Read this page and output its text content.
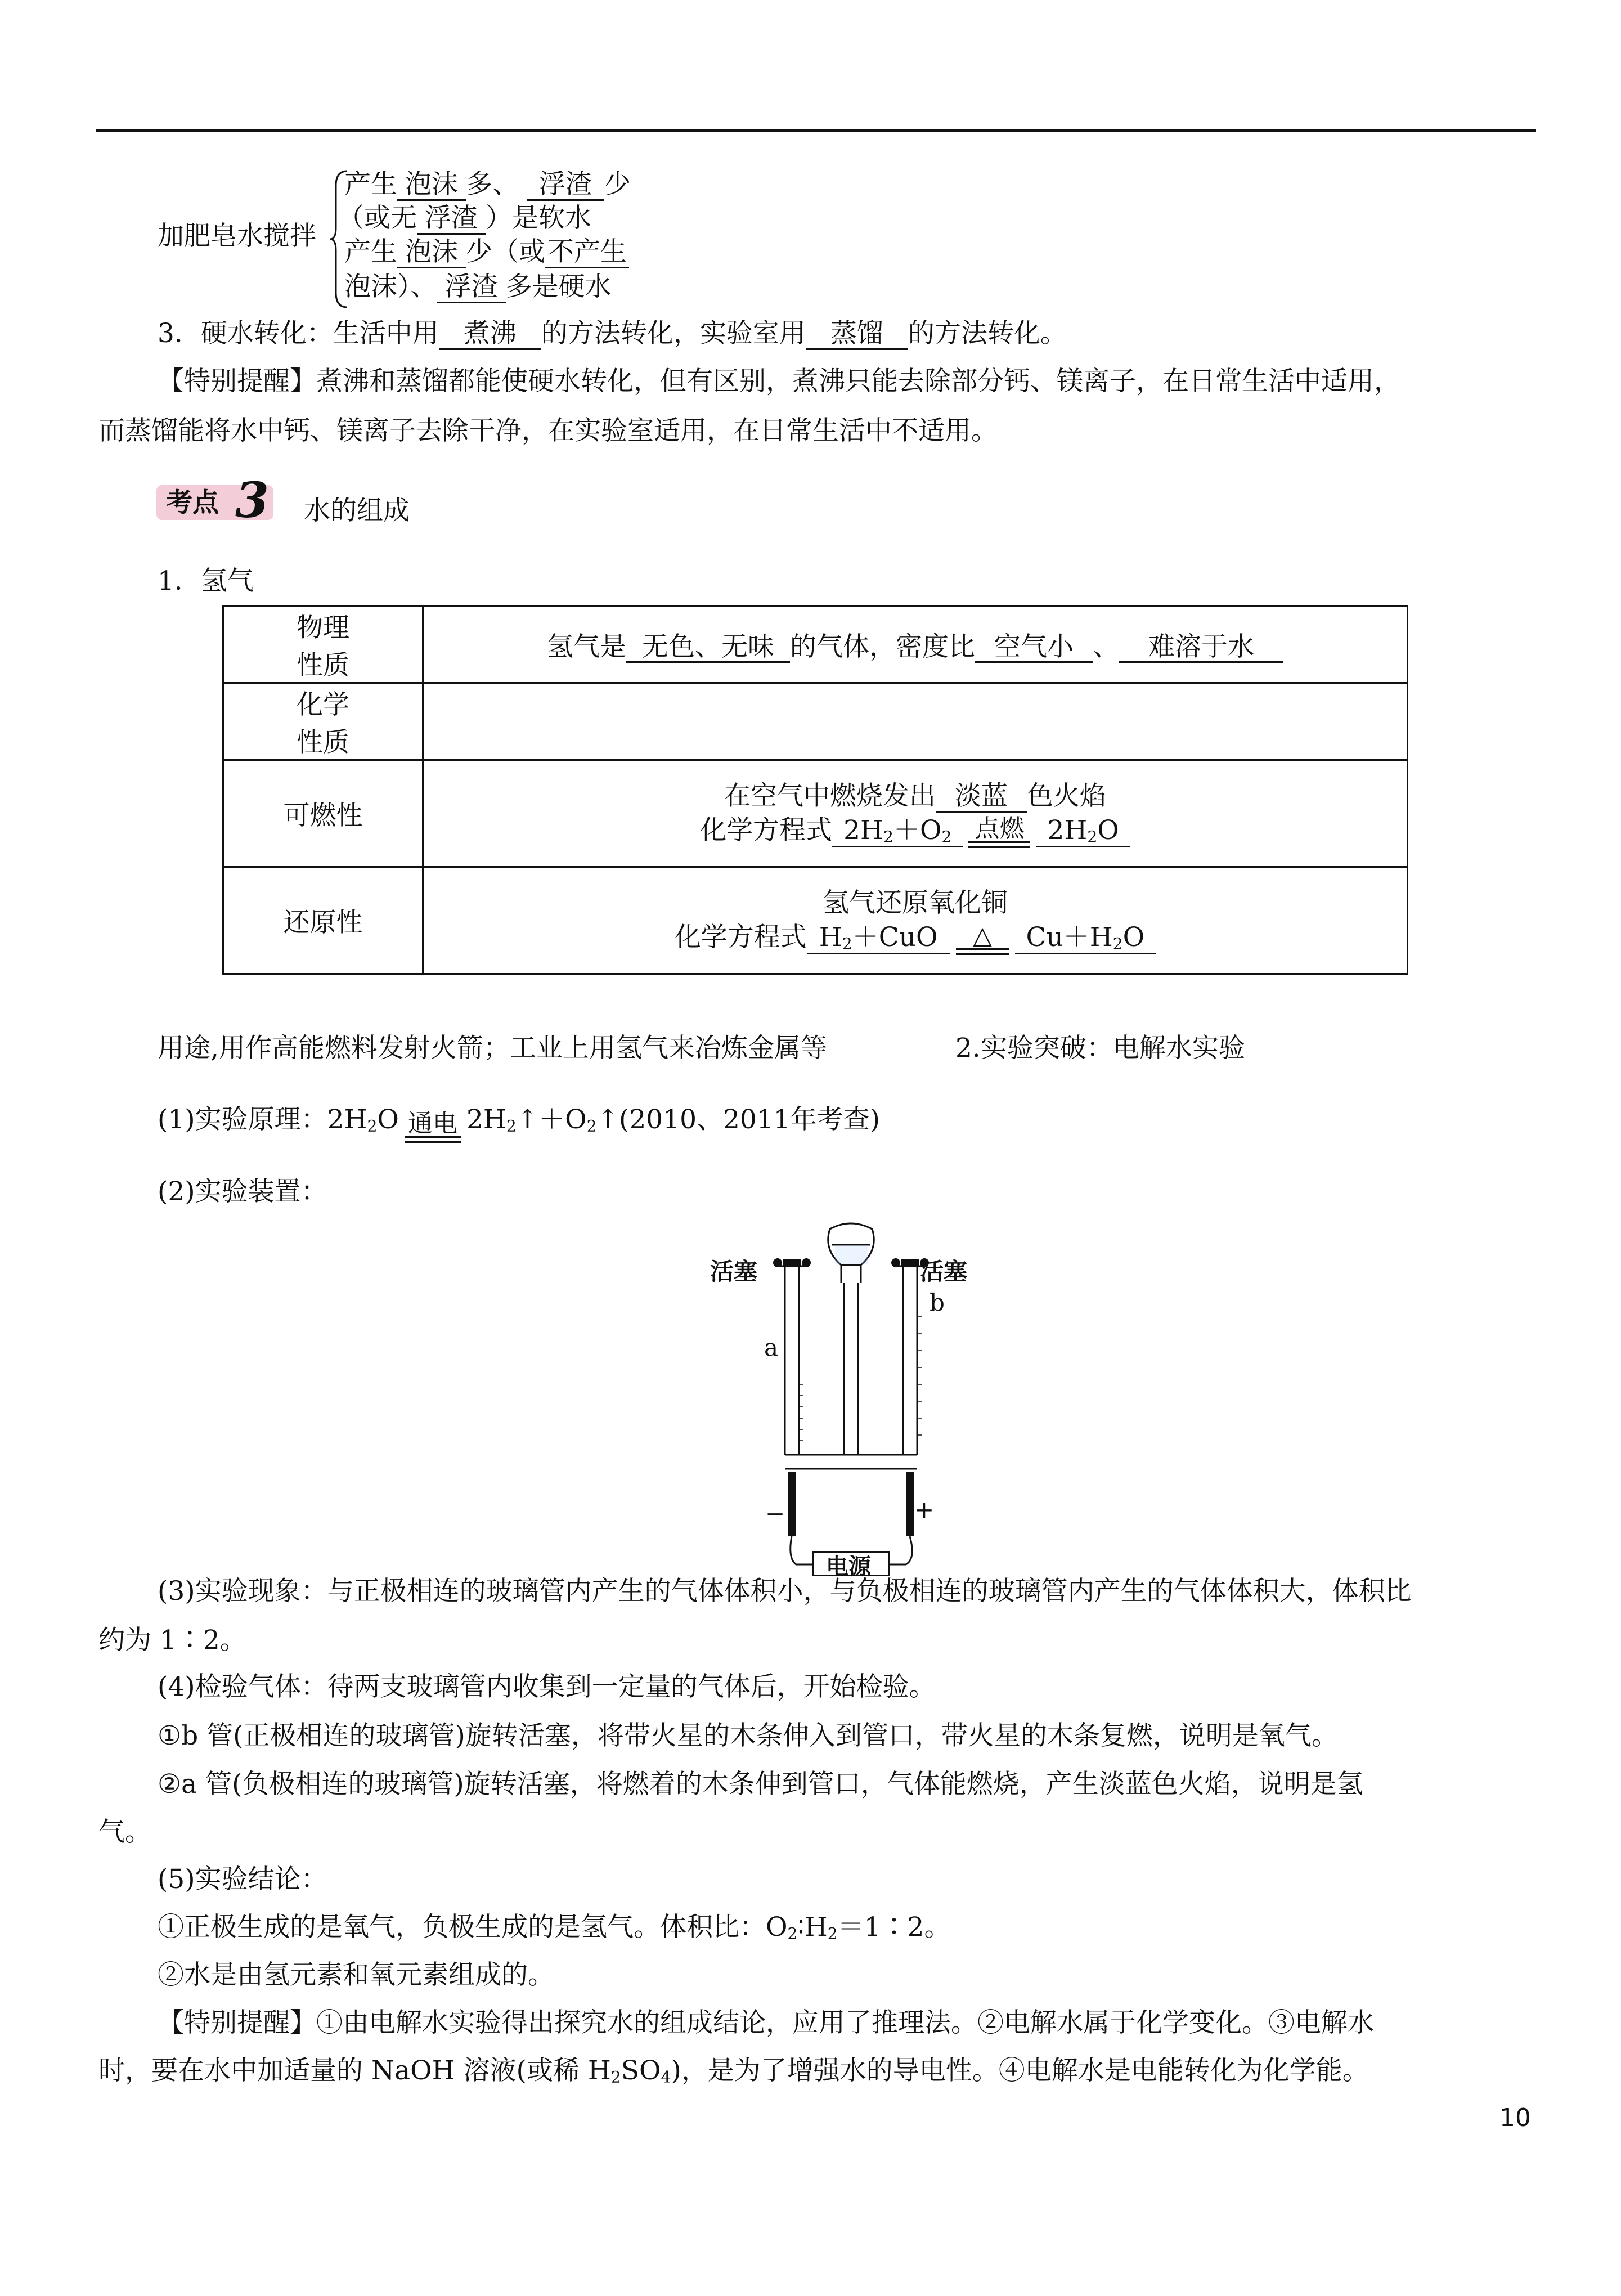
加肥皂水搅拌
产生 泡沫 多、 浮渣 少
（或无 浮渣 ）是软水
产生 泡沫 少（或不产生
泡沫）、 浮渣 多是硬水
3．硬水转化：生活中用 煮沸 的方法转化，实验室用 蒸馏 的方法转化。
【特别提醒】煮沸和蒸馏都能使硬水转化，但有区别，煮沸只能去除部分钙、镁离子，在日常生活中适用，
而蒸馏能将水中钙、镁离子去除干净，在实验室适用，在日常生活中不适用。
考点 3 水的组成
1．氢气
物理
性质	氢气是 无色、无味 的气体，密度比 空气小 、 难溶于水

化学
性质	

可燃性	在空气中燃烧发出 淡蓝 色火焰
化学方程式 $2H_2+O_2$ 点燃 $2H_2O$

还原性	氢气还原氧化铜
化学方程式 $H_2+CuO$ △ $Cu+H_2O$
用途,用作高能燃料发射火箭；工业上用氢气来冶炼金属等	2.实验突破：电解水实验
(1)实验原理：$2H_2O$ 通电 $2H_2↑+O_2↑(2010$、2011年考查)
(2)实验装置：
活塞	活塞
a
b
−	+
电源
(3)实验现象：与正极相连的玻璃管内产生的气体体积小，与负极相连的玻璃管内产生的气体体积大，体积比
约为 1∶2。
(4)检验气体：待两支玻璃管内收集到一定量的气体后，开始检验。
①b 管(正极相连的玻璃管)旋转活塞，将带火星的木条伸入到管口，带火星的木条复燃，说明是氧气。
②a 管(负极相连的玻璃管)旋转活塞，将燃着的木条伸到管口，气体能燃烧，产生淡蓝色火焰，说明是氢
气。
(5)实验结论：
①正极生成的是氧气，负极生成的是氢气。体积比：$O_2∶H_2=1∶2$。
②水是由氢元素和氧元素组成的。
【特别提醒】①由电解水实验得出探究水的组成结论，应用了推理法。②电解水属于化学变化。③电解水
时，要在水中加适量的 NaOH 溶液(或稀 $H_2SO_4$)，是为了增强水的导电性。④电解水是电能转化为化学能。
10
